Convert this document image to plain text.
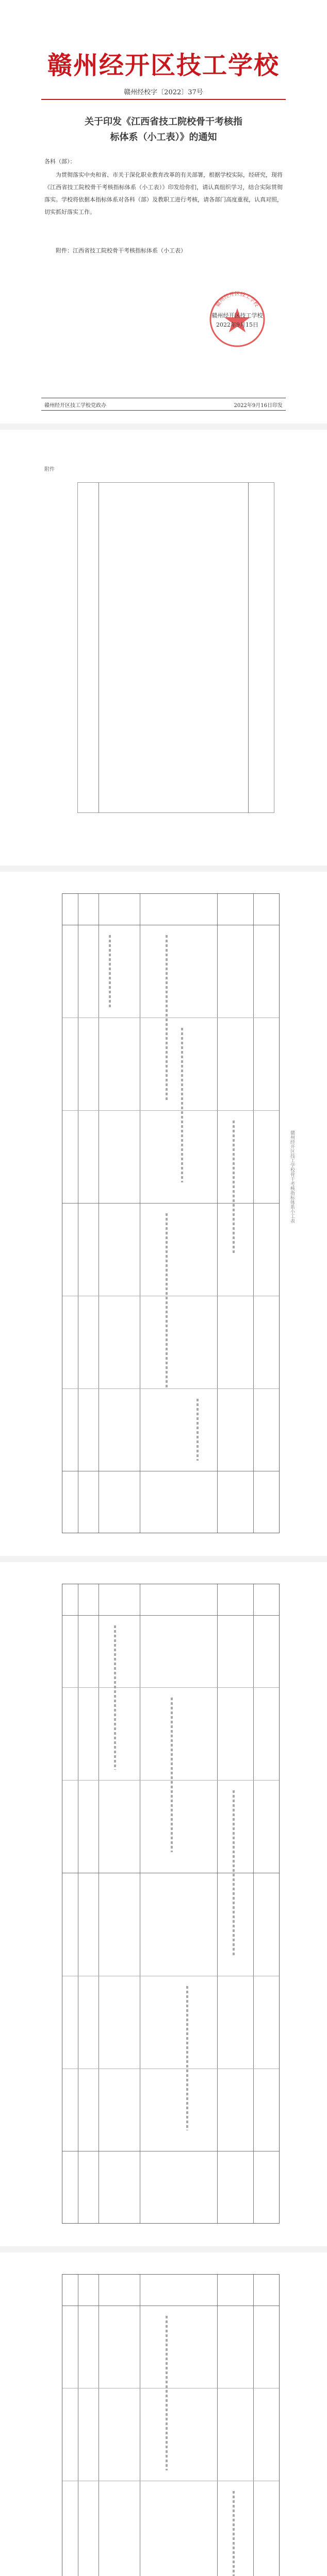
赣州经开区技工学校
赣州经校字〔2022〕37号
关于印发《江西省技工院校骨干考核指标体系（小工表）》的通知
各科（部）：

为贯彻落实中央和省、市关于深化职业教育改革的有关部署，根据学校实际，经研究，现将《江西省技工院校骨干考核指标体系（小工表）》印发给你们，请认真组织学习，结合实际贯彻落实。学校将依据本指标体系对各科（部）及教职工进行考核，请各部门高度重视，认真对照，切实抓好落实工作。

附件：江西省技工院校骨干考核指标体系（小工表）
赣州经开区技工学校
赣州经开区技工学校
2022年9月15日
赣州经开区技工学校党政办	2022年9月16日印发
附件
赣州经开区技工学校骨干考核指标体系小工表
